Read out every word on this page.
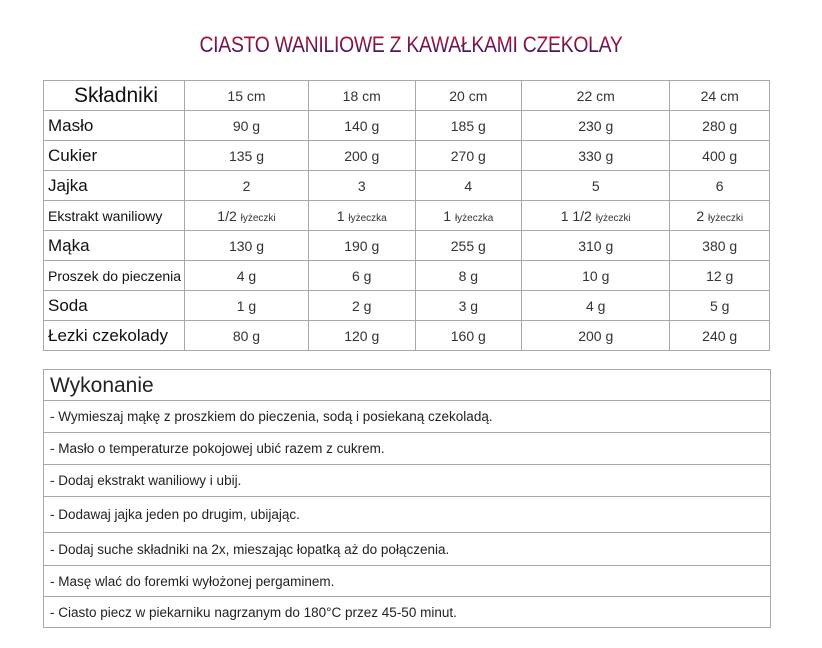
CIASTO WANILIOWE Z KAWAŁKAMI CZEKOLAY
Składniki	15 cm	18 cm	20 cm	22 cm	24 cm
Masło	90 g	140 g	185 g	230 g	280 g
Cukier	135 g	200 g	270 g	330 g	400 g
Jajka	2	3	4	5	6
Ekstrakt waniliowy	1/2 łyżeczki	1 łyżeczka	1 łyżeczka	1 1/2 łyżeczki	2 łyżeczki
Mąka	130 g	190 g	255 g	310 g	380 g
Proszek do pieczenia	4 g	6 g	8 g	10 g	12 g
Soda	1 g	2 g	3 g	4 g	5 g
Łezki czekolady	80 g	120 g	160 g	200 g	240 g
Wykonanie
- Wymieszaj mąkę z proszkiem do pieczenia, sodą i posiekaną czekoladą.
- Masło o temperaturze pokojowej ubić razem z cukrem.
- Dodaj ekstrakt waniliowy i ubij.
- Dodawaj jajka jeden po drugim, ubijając.
- Dodaj suche składniki na 2x, mieszając łopatką aż do połączenia.
- Masę wlać do foremki wyłożonej pergaminem.
- Ciasto piecz w piekarniku nagrzanym do 180°C przez 45-50 minut.
